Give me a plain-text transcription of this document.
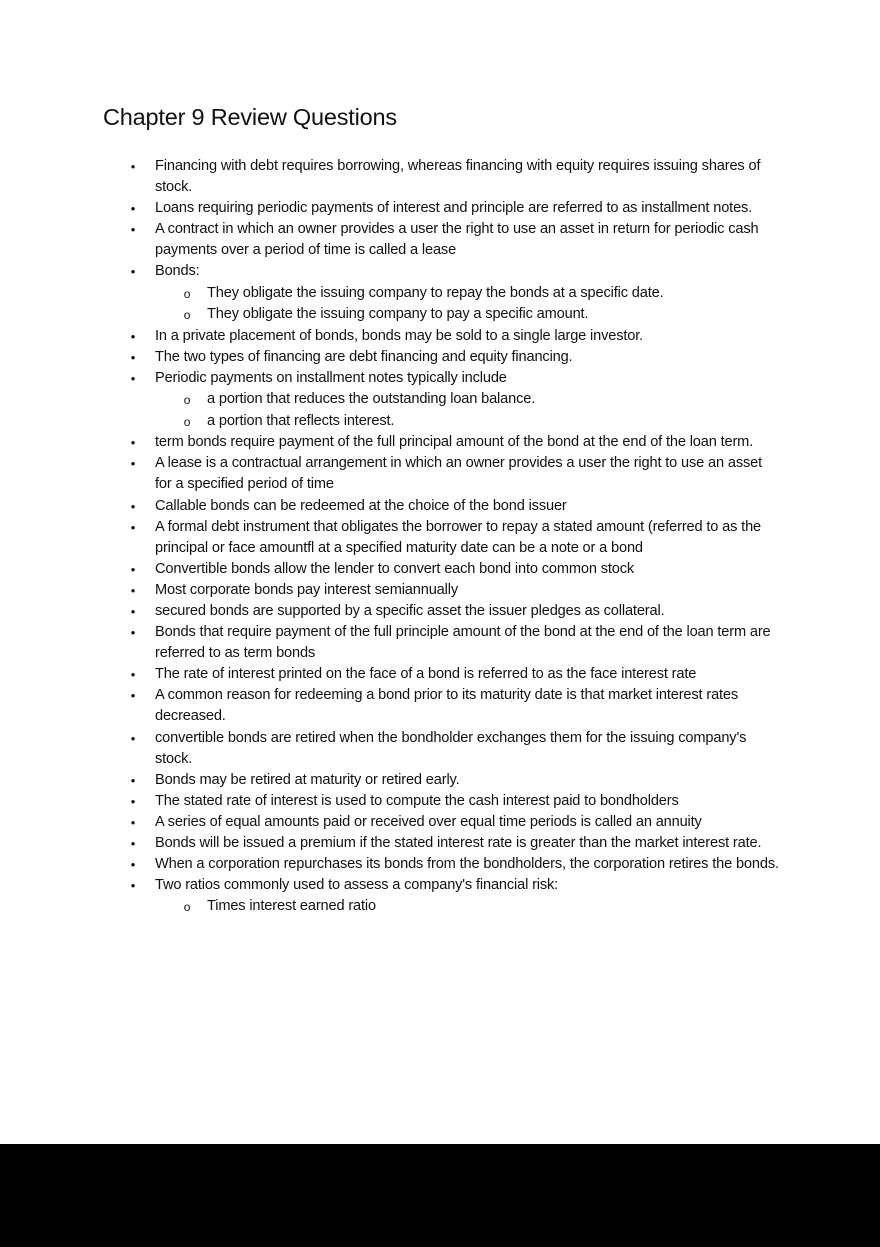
Chapter 9 Review Questions
• Financing with debt requires borrowing, whereas financing with equity requires issuing shares of stock.
• Loans requiring periodic payments of interest and principle are referred to as installment notes.
• A contract in which an owner provides a user the right to use an asset in return for periodic cash payments over a period of time is called a lease
• Bonds:
o They obligate the issuing company to repay the bonds at a specific date.
o They obligate the issuing company to pay a specific amount.
• In a private placement of bonds, bonds may be sold to a single large investor.
• The two types of financing are debt financing and equity financing.
• Periodic payments on installment notes typically include
o a portion that reduces the outstanding loan balance.
o a portion that reflects interest.
• term bonds require payment of the full principal amount of the bond at the end of the loan term.
• A lease is a contractual arrangement in which an owner provides a user the right to use an asset for a specified period of time
• Callable bonds can be redeemed at the choice of the bond issuer
• A formal debt instrument that obligates the borrower to repay a stated amount (referred to as the principal or face amountfl at a specified maturity date can be a note or a bond
• Convertible bonds allow the lender to convert each bond into common stock
• Most corporate bonds pay interest semiannually
• secured bonds are supported by a specific asset the issuer pledges as collateral.
• Bonds that require payment of the full principle amount of the bond at the end of the loan term are referred to as term bonds
• The rate of interest printed on the face of a bond is referred to as the face interest rate
• A common reason for redeeming a bond prior to its maturity date is that market interest rates decreased.
• convertible bonds are retired when the bondholder exchanges them for the issuing company's stock.
• Bonds may be retired at maturity or retired early.
• The stated rate of interest is used to compute the cash interest paid to bondholders
• A series of equal amounts paid or received over equal time periods is called an annuity
• Bonds will be issued a premium if the stated interest rate is greater than the market interest rate.
• When a corporation repurchases its bonds from the bondholders, the corporation retires the bonds.
• Two ratios commonly used to assess a company's financial risk:
o Times interest earned ratio
